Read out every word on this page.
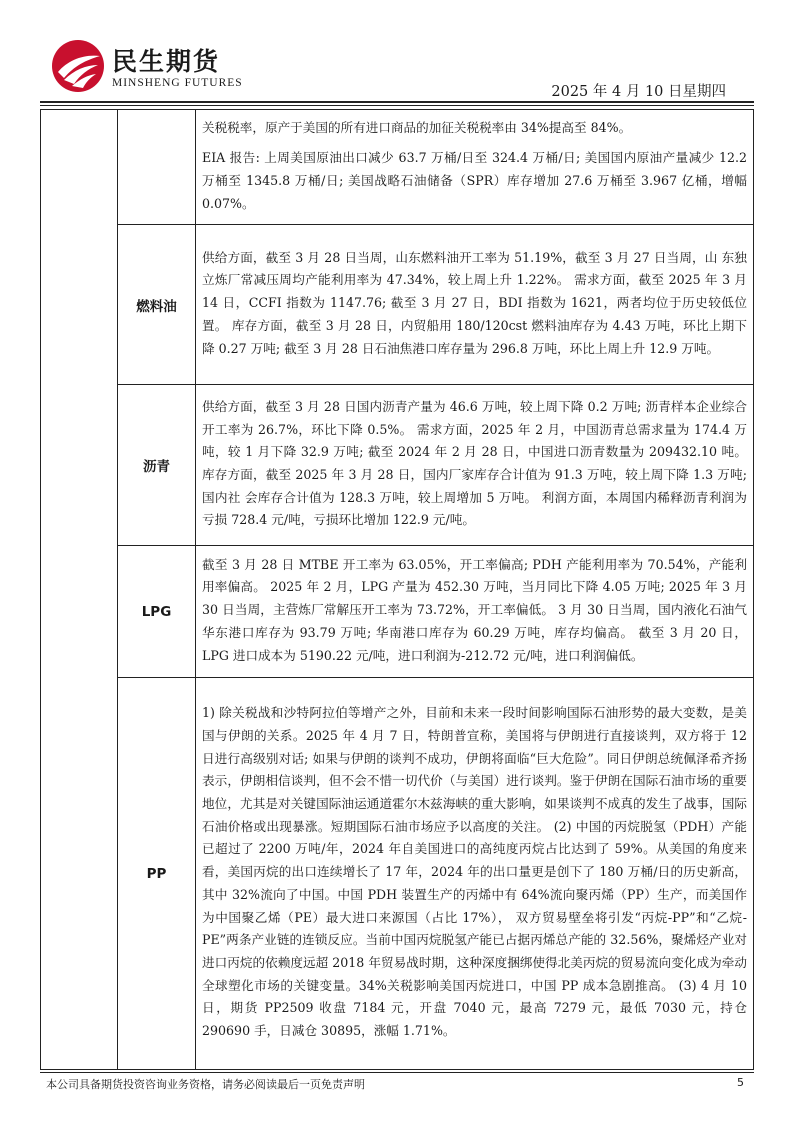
民生期货
MINSHENG FUTURES
2025 年 4 月 10 日星期四

		关税税率，原产于美国的所有进口商品的加征关税税率由 34%提高至 84%。

EIA 报告: 上周美国原油出口减少 63.7 万桶/日至 324.4 万桶/日; 美国国内原油产量减少 12.2 万桶至 1345.8 万桶/日; 美国战略石油储备（SPR）库存增加 27.6 万桶至 3.967 亿桶，增幅 0.07%。

	燃料油	供给方面，截至 3 月 28 日当周，山东燃料油开工率为 51.19%，截至 3 月 27 日当周，山 东独立炼厂常减压周均产能利用率为 47.34%，较上周上升 1.22%。 需求方面，截至 2025 年 3 月 14 日，CCFI 指数为 1147.76; 截至 3 月 27 日，BDI 指数为 1621，两者均位于历史较低位置。 库存方面，截至 3 月 28 日，内贸船用 180/120cst 燃料油库存为 4.43 万吨，环比上期下 降 0.27 万吨; 截至 3 月 28 日石油焦港口库存量为 296.8 万吨，环比上周上升 12.9 万吨。

	沥青	供给方面，截至 3 月 28 日国内沥青产量为 46.6 万吨，较上周下降 0.2 万吨; 沥青样本企业综合开工率为 26.7%，环比下降 0.5%。 需求方面，2025 年 2 月，中国沥青总需求量为 174.4 万吨，较 1 月下降 32.9 万吨; 截至 2024 年 2 月 28 日，中国进口沥青数量为 209432.10 吨。 库存方面，截至 2025 年 3 月 28 日，国内厂家库存合计值为 91.3 万吨，较上周下降 1.3 万吨; 国内社 会库存合计值为 128.3 万吨，较上周增加 5 万吨。 利润方面，本周国内稀释沥青利润为亏损 728.4 元/吨，亏损环比增加 122.9 元/吨。

	LPG	截至 3 月 28 日 MTBE 开工率为 63.05%，开工率偏高; PDH 产能利用率为 70.54%，产能利用率偏高。 2025 年 2 月，LPG 产量为 452.30 万吨，当月同比下降 4.05 万吨; 2025 年 3 月 30 日当周，主营炼厂常解压开工率为 73.72%，开工率偏低。 3 月 30 日当周，国内液化石油气华东港口库存为 93.79 万吨; 华南港口库存为 60.29 万吨，库存均偏高。 截至 3 月 20 日，LPG 进口成本为 5190.22 元/吨，进口利润为-212.72 元/吨，进口利润偏低。

	PP	1) 除关税战和沙特阿拉伯等增产之外，目前和未来一段时间影响国际石油形势的最大变数，是美国与伊朗的关系。2025 年 4 月 7 日，特朗普宣称，美国将与伊朗进行直接谈判，双方将于 12 日进行高级别对话; 如果与伊朗的谈判不成功，伊朗将面临“巨大危险”。同日伊朗总统佩泽希齐扬表示，伊朗相信谈判，但不会不惜一切代价（与美国）进行谈判。鉴于伊朗在国际石油市场的重要地位，尤其是对关键国际油运通道霍尔木兹海峡的重大影响，如果谈判不成真的发生了战事，国际石油价格或出现暴涨。短期国际石油市场应予以高度的关注。 (2) 中国的丙烷脱氢（PDH）产能已超过了 2200 万吨/年，2024 年自美国进口的高纯度丙烷占比达到了 59%。从美国的角度来看，美国丙烷的出口连续增长了 17 年，2024 年的出口量更是创下了 180 万桶/日的历史新高，其中 32%流向了中国。中国 PDH 装置生产的丙烯中有 64%流向聚丙烯（PP）生产，而美国作为中国聚乙烯（PE）最大进口来源国（占比 17%）， 双方贸易壁垒将引发“丙烷-PP”和“乙烷-PE”两条产业链的连锁反应。当前中国丙烷脱氢产能已占据丙烯总产能的 32.56%，聚烯烃产业对进口丙烷的依赖度远超 2018 年贸易战时期，这种深度捆绑使得北美丙烷的贸易流向变化成为牵动全球塑化市场的关键变量。34%关税影响美国丙烷进口，中国 PP 成本急剧推高。 (3) 4 月 10 日，期货 PP2509 收盘 7184 元，开盘 7040 元，最高 7279 元，最低 7030 元，持仓 290690 手，日减仓 30895，涨幅 1.71%。

本公司具备期货投资咨询业务资格，请务必阅读最后一页免责声明	5
